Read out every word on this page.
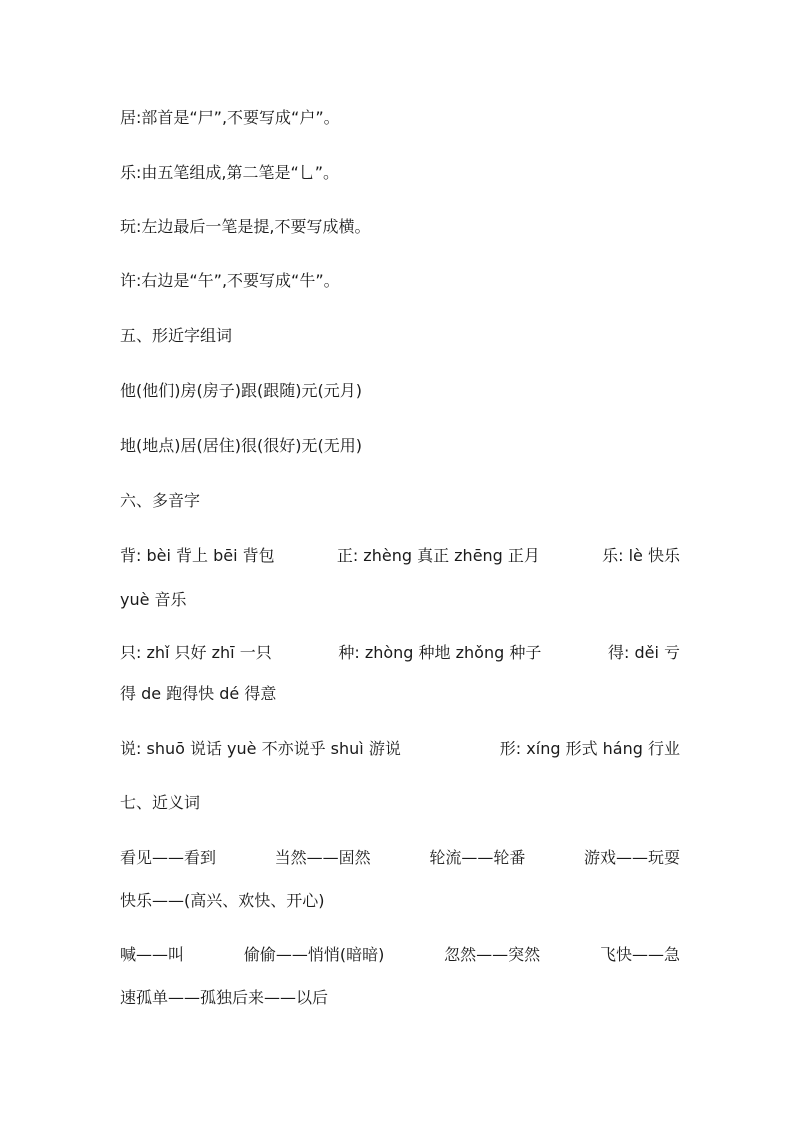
居:部首是“尸”,不要写成“户”。
乐:由五笔组成,第二笔是“乚”。
玩:左边最后一笔是提,不要写成横。
许:右边是“午”,不要写成“牛”。
五、形近字组词
他(他们) 房(房子) 跟(跟随) 元(元月)
地(地点) 居(居住) 很(很好) 无(无用)
六、多音字
背: bèi 背上 bēi 背包	正: zhèng 真正 zhēng 正月	乐: lè 快乐
yuè 音乐
只: zhǐ 只好 zhī 一只	种: zhòng 种地 zhǒng 种子	得: děi 亏
得 de 跑得快 dé 得意
说: shuō 说话 yuè 不亦说乎 shuì 游说	形: xíng 形式 háng 行业
七、近义词
看见——看到	当然——固然	轮流——轮番	游戏——玩耍
快乐——(高兴、欢快、开心)
喊——叫	偷偷——悄悄(暗暗)	忽然——突然	飞快——急
速 孤单——孤独 后来——以后
